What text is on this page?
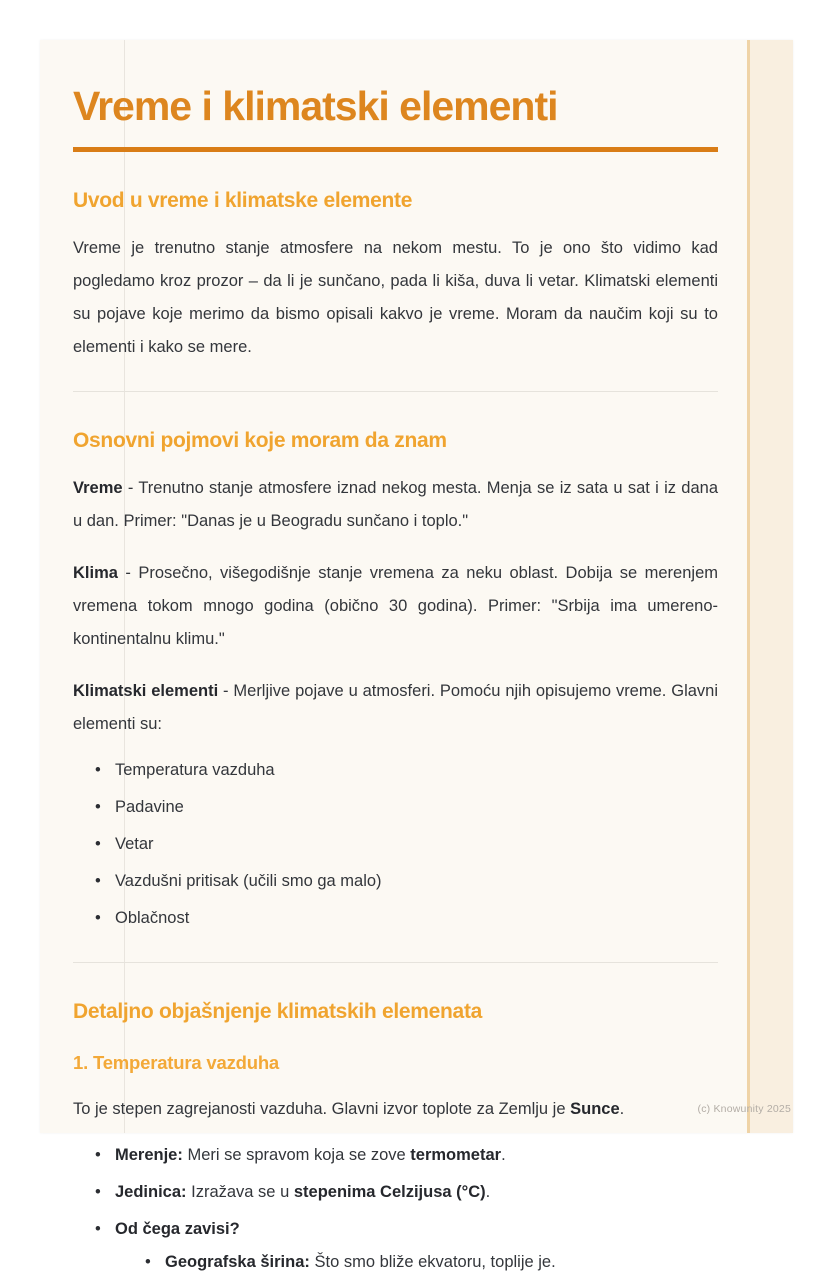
Vreme i klimatski elementi
Uvod u vreme i klimatske elemente

Vreme je trenutno stanje atmosfere na nekom mestu. To je ono što vidimo kad pogledamo kroz prozor – da li je sunčano, pada li kiša, duva li vetar. Klimatski elementi su pojave koje merimo da bismo opisali kakvo je vreme. Moram da naučim koji su to elementi i kako se mere.

Osnovni pojmovi koje moram da znam

Vreme - Trenutno stanje atmosfere iznad nekog mesta. Menja se iz sata u sat i iz dana u dan. Primer: "Danas je u Beogradu sunčano i toplo."

Klima - Prosečno, višegodišnje stanje vremena za neku oblast. Dobija se merenjem vremena tokom mnogo godina (obično 30 godina). Primer: "Srbija ima umereno-kontinentalnu klimu."

Klimatski elementi - Merljive pojave u atmosferi. Pomoću njih opisujemo vreme. Glavni elementi su:

• Temperatura vazduha
• Padavine
• Vetar
• Vazdušni pritisak (učili smo ga malo)
• Oblačnost
Detaljno objašnjenje klimatskih elemenata
1. Temperatura vazduha

To je stepen zagrejanosti vazduha. Glavni izvor toplote za Zemlju je Sunce.

• Merenje: Meri se spravom koja se zove termometar.
• Jedinica: Izražava se u stepenima Celzijusa (°C).
• Od čega zavisi?
• Geografska širina: Što smo bliže ekvatoru, toplije je.
(c) Knowunity 2025
